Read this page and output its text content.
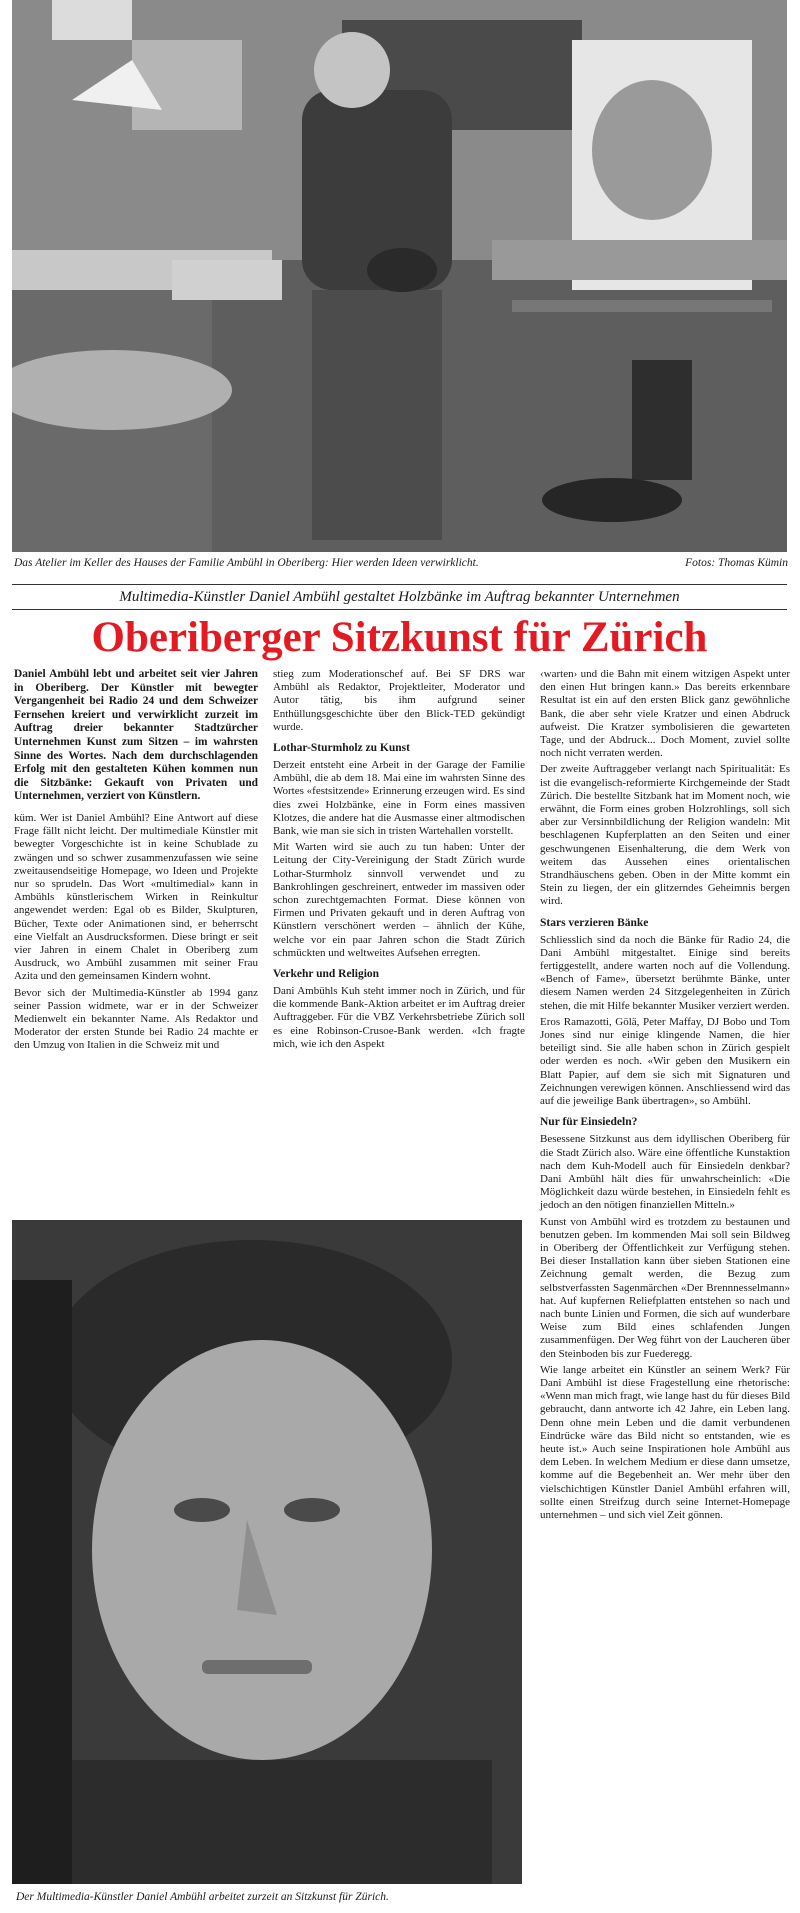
Das Atelier im Keller des Hauses der Familie Ambühl in Oberiberg: Hier werden Ideen verwirklicht.	Fotos: Thomas Kümin
Multimedia-Künstler Daniel Ambühl gestaltet Holzbänke im Auftrag bekannter Unternehmen
Oberiberger Sitzkunst für Zürich

Daniel Ambühl lebt und arbeitet seit vier Jahren in Oberiberg. Der Künstler mit bewegter Vergangenheit bei Radio 24 und dem Schweizer Fernsehen kreiert und verwirklicht zurzeit im Auftrag dreier bekannter Stadtzürcher Unternehmen Kunst zum Sitzen – im wahrsten Sinne des Wortes. Nach dem durchschlagenden Erfolg mit den gestalteten Kühen kommen nun die Sitzbänke: Gekauft von Privaten und Unternehmen, verziert von Künstlern.

küm. Wer ist Daniel Ambühl? Eine Antwort auf diese Frage fällt nicht leicht. Der multimediale Künstler mit bewegter Vorgeschichte ist in keine Schublade zu zwängen und so schwer zusammenzufassen wie seine zweitausendseitige Homepage, wo Ideen und Projekte nur so sprudeln. Das Wort «multimedial» kann in Ambühls künstlerischem Wirken in Reinkultur angewendet werden: Egal ob es Bilder, Skulpturen, Bücher, Texte oder Animationen sind, er beherrscht eine Vielfalt an Ausdrucksformen. Diese bringt er seit vier Jahren in einem Chalet in Oberiberg zum Ausdruck, wo Ambühl zusammen mit seiner Frau Azita und den gemeinsamen Kindern wohnt.

Bevor sich der Multimedia-Künstler ab 1994 ganz seiner Passion widmete, war er in der Schweizer Medienwelt ein bekannter Name. Als Redaktor und Moderator der ersten Stunde bei Radio 24 machte er den Umzug von Italien in die Schweiz mit und

stieg zum Moderationschef auf. Bei SF DRS war Ambühl als Redaktor, Projektleiter, Moderator und Autor tätig, bis ihm aufgrund seiner Enthüllungsgeschichte über den Blick-TED gekündigt wurde.

Lothar-Sturmholz zu Kunst

Derzeit entsteht eine Arbeit in der Garage der Familie Ambühl, die ab dem 18. Mai eine im wahrsten Sinne des Wortes «festsitzende» Erinnerung erzeugen wird. Es sind dies zwei Holzbänke, eine in Form eines massiven Klotzes, die andere hat die Ausmasse einer altmodischen Bank, wie man sie sich in tristen Wartehallen vorstellt.

Mit Warten wird sie auch zu tun haben: Unter der Leitung der City-Vereinigung der Stadt Zürich wurde Lothar-Sturmholz sinnvoll verwendet und zu Bankrohlingen geschreinert, entweder im massiven oder schon zurechtgemachten Format. Diese können von Firmen und Privaten gekauft und in deren Auftrag von Künstlern verschönert werden – ähnlich der Kühe, welche vor ein paar Jahren schon die Stadt Zürich schmückten und weltweites Aufsehen erregten.

Verkehr und Religion

Dani Ambühls Kuh steht immer noch in Zürich, und für die kommende Bank-Aktion arbeitet er im Auftrag dreier Auftraggeber. Für die VBZ Verkehrsbetriebe Zürich soll es eine Robinson-Crusoe-Bank werden. «Ich fragte mich, wie ich den Aspekt

‹warten› und die Bahn mit einem witzigen Aspekt unter den einen Hut bringen kann.» Das bereits erkennbare Resultat ist ein auf den ersten Blick ganz gewöhnliche Bank, die aber sehr viele Kratzer und einen Abdruck aufweist. Die Kratzer symbolisieren die gewarteten Tage, und der Abdruck... Doch Moment, zuviel sollte noch nicht verraten werden.

Der zweite Auftraggeber verlangt nach Spiritualität: Es ist die evangelisch-reformierte Kirchgemeinde der Stadt Zürich. Die bestellte Sitzbank hat im Moment noch, wie erwähnt, die Form eines groben Holzrohlings, soll sich aber zur Versinnbildlichung der Religion wandeln: Mit beschlagenen Kupferplatten an den Seiten und einer geschwungenen Eisenhalterung, die dem Werk von weitem das Aussehen eines orientalischen Strandhäuschens geben. Oben in der Mitte kommt ein Stein zu liegen, der ein glitzerndes Geheimnis bergen wird.

Stars verzieren Bänke

Schliesslich sind da noch die Bänke für Radio 24, die Dani Ambühl mitgestaltet. Einige sind bereits fertiggestellt, andere warten noch auf die Vollendung. «Bench of Fame», übersetzt berühmte Bänke, unter diesem Namen werden 24 Sitzgelegenheiten in Zürich stehen, die mit Hilfe bekannter Musiker verziert werden.

Eros Ramazotti, Gölä, Peter Maffay, DJ Bobo und Tom Jones sind nur einige klingende Namen, die hier beteiligt sind. Sie alle haben schon in Zürich gespielt oder werden es noch. «Wir geben den Musikern ein Blatt Papier, auf dem sie sich mit Signaturen und Zeichnungen verewigen können. Anschliessend wird das auf die jeweilige Bank übertragen», so Ambühl.

Nur für Einsiedeln?

Besessene Sitzkunst aus dem idyllischen Oberiberg für die Stadt Zürich also. Wäre eine öffentliche Kunstaktion nach dem Kuh-Modell auch für Einsiedeln denkbar? Dani Ambühl hält dies für unwahrscheinlich: «Die Möglichkeit dazu würde bestehen, in Einsiedeln fehlt es jedoch an den nötigen finanziellen Mitteln.»

Kunst von Ambühl wird es trotzdem zu bestaunen und benutzen geben. Im kommenden Mai soll sein Bildweg in Oberiberg der Öffentlichkeit zur Verfügung stehen. Bei dieser Installation kann über sieben Stationen eine Zeichnung gemalt werden, die Bezug zum selbstverfassten Sagenmärchen «Der Brennnesselmann» hat. Auf kupfernen Reliefplatten entstehen so nach und nach bunte Linien und Formen, die sich auf wunderbare Weise zum Bild eines schlafenden Jungen zusammenfügen. Der Weg führt von der Laucheren über den Steinboden bis zur Fuederegg.

Wie lange arbeitet ein Künstler an seinem Werk? Für Dani Ambühl ist diese Fragestellung eine rhetorische: «Wenn man mich fragt, wie lange hast du für dieses Bild gebraucht, dann antworte ich 42 Jahre, ein Leben lang. Denn ohne mein Leben und die damit verbundenen Eindrücke wäre das Bild nicht so entstanden, wie es heute ist.» Auch seine Inspirationen hole Ambühl aus dem Leben. In welchem Medium er diese dann umsetze, komme auf die Begebenheit an. Wer mehr über den vielschichtigen Künstler Daniel Ambühl erfahren will, sollte einen Streifzug durch seine Internet-Homepage unternehmen – und sich viel Zeit gönnen.

Der Multimedia-Künstler Daniel Ambühl arbeitet zurzeit an Sitzkunst für Zürich.
